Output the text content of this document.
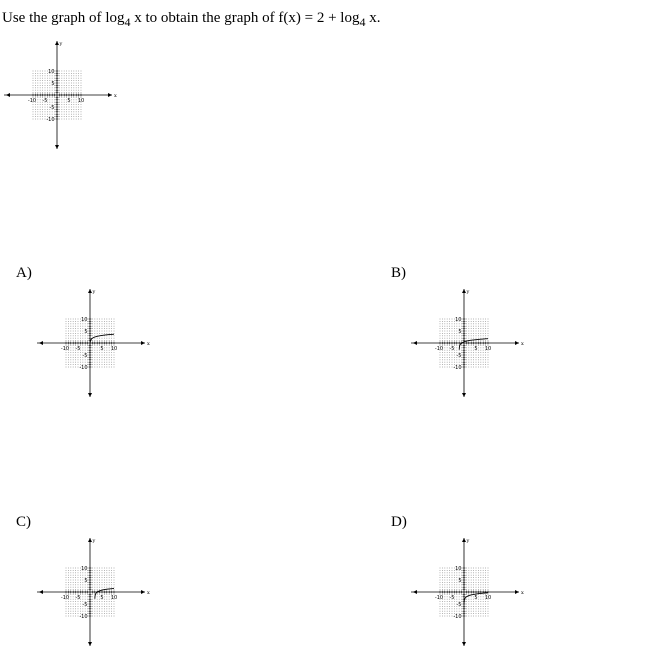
Use the graph of $\log_4 x$ to obtain the graph of $f(x) = 2 + \log_4 x$.

-10 -5	5 10
10
5
-5
-10
x
y
A)
-10 -5	5 10
10
5
-5
-10
x
y
B)
-10 -5	5 10
10
5
-5
-10
x
y
C)
-10 -5	5 10
10
5
-5
-10
x
y
D)
-10 -5	5 10
10
5
-5
-10
x
y
